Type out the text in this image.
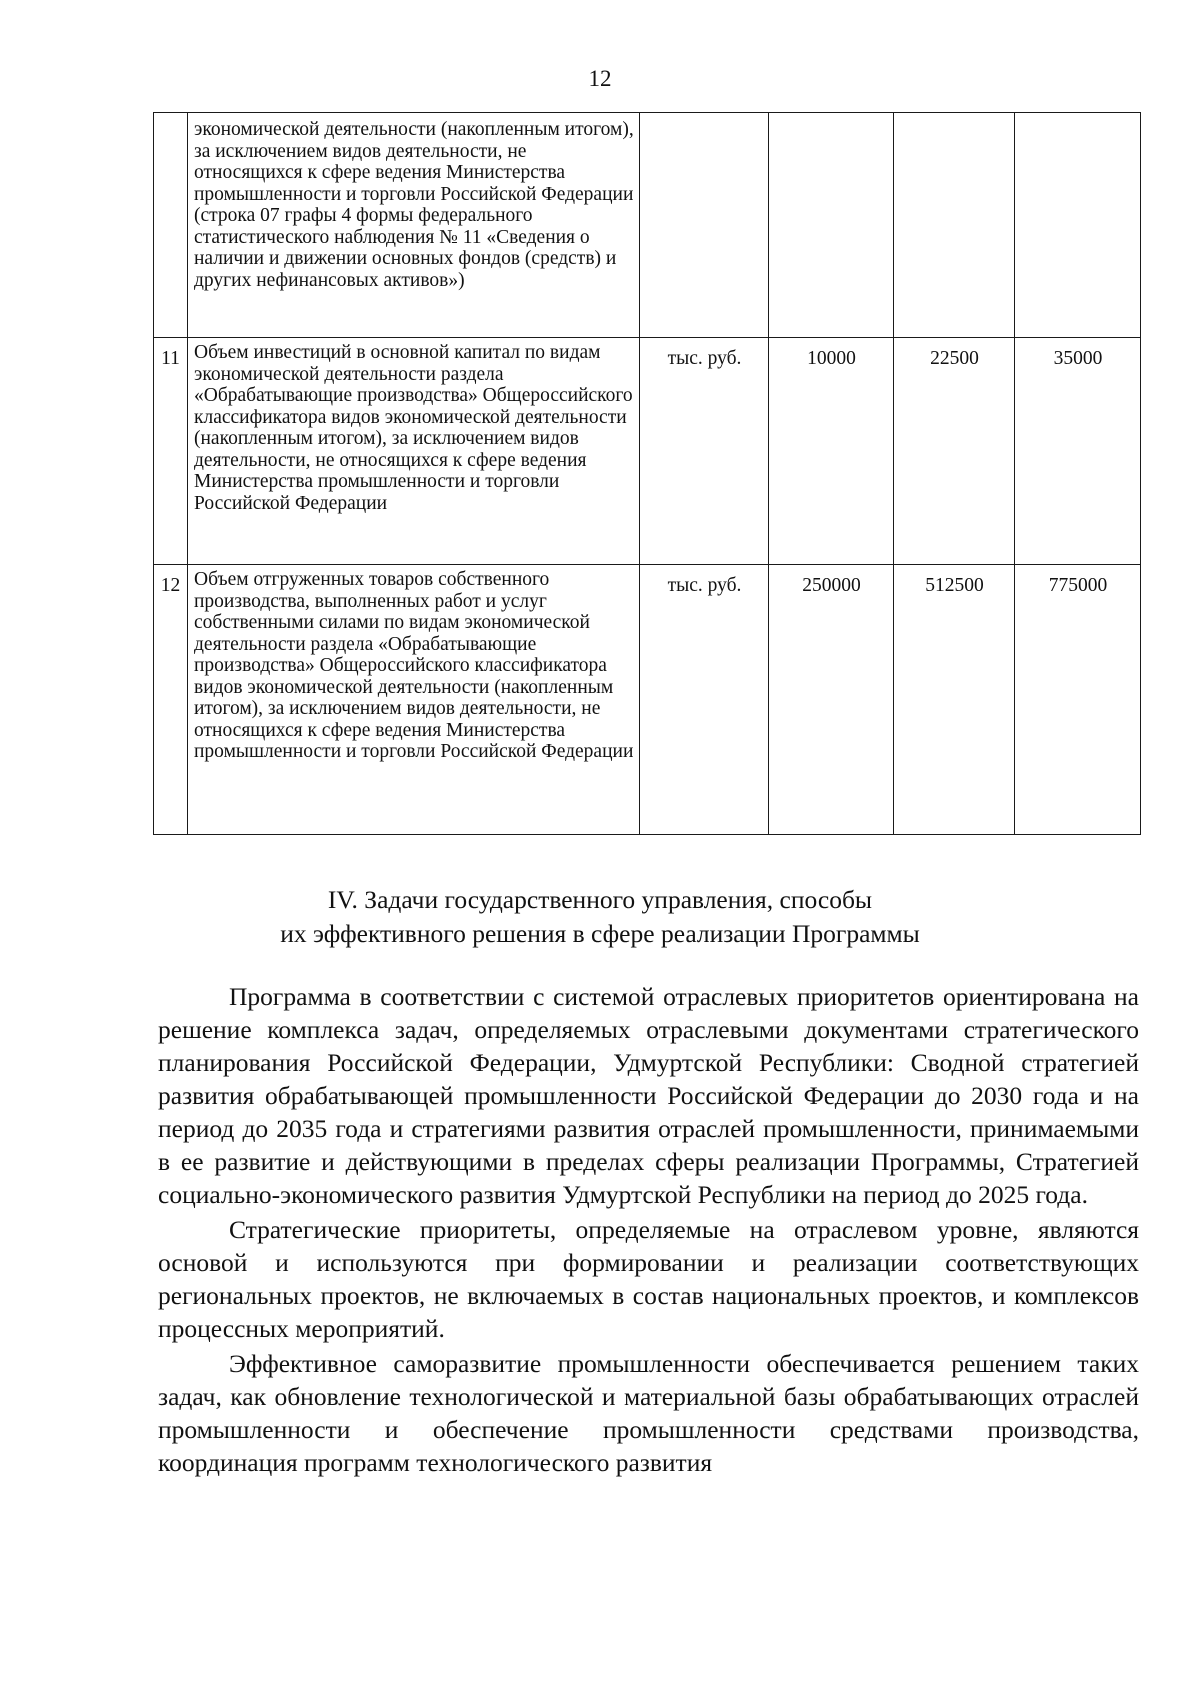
12
	экономической деятельности (накопленным итогом), за исключением видов деятельности, не относящихся к сфере ведения Министерства промышленности и торговли Российской Федерации (строка 07 графы 4 формы федерального статистического наблюдения № 11 «Сведения о наличии и движении основных фондов (средств) и других нефинансовых активов»)				
11	Объем инвестиций в основной капитал по видам экономической деятельности раздела «Обрабатывающие производства» Общероссийского классификатора видов экономической деятельности (накопленным итогом), за исключением видов деятельности, не относящихся к сфере ведения Министерства промышленности и торговли Российской Федерации	тыс. руб.	10000	22500	35000
12	Объем отгруженных товаров собственного производства, выполненных работ и услуг собственными силами по видам экономической деятельности раздела «Обрабатывающие производства» Общероссийского классификатора видов экономической деятельности (накопленным итогом), за исключением видов деятельности, не относящихся к сфере ведения Министерства промышленности и торговли Российской Федерации	тыс. руб.	250000	512500	775000
IV. Задачи государственного управления, способы
их эффективного решения в сфере реализации Программы

Программа в соответствии с системой отраслевых приоритетов ориентирована на решение комплекса задач, определяемых отраслевыми документами стратегического планирования Российской Федерации, Удмуртской Республики: Сводной стратегией развития обрабатывающей промышленности Российской Федерации до 2030 года и на период до 2035 года и стратегиями развития отраслей промышленности, принимаемыми в ее развитие и действующими в пределах сферы реализации Программы, Стратегией социально-экономического развития Удмуртской Республики на период до 2025 года.

Стратегические приоритеты, определяемые на отраслевом уровне, являются основой и используются при формировании и реализации соответствующих региональных проектов, не включаемых в состав национальных проектов, и комплексов процессных мероприятий.

Эффективное саморазвитие промышленности обеспечивается решением таких задач, как обновление технологической и материальной базы обрабатывающих отраслей промышленности и обеспечение промышленности средствами производства, координация программ технологического развития
